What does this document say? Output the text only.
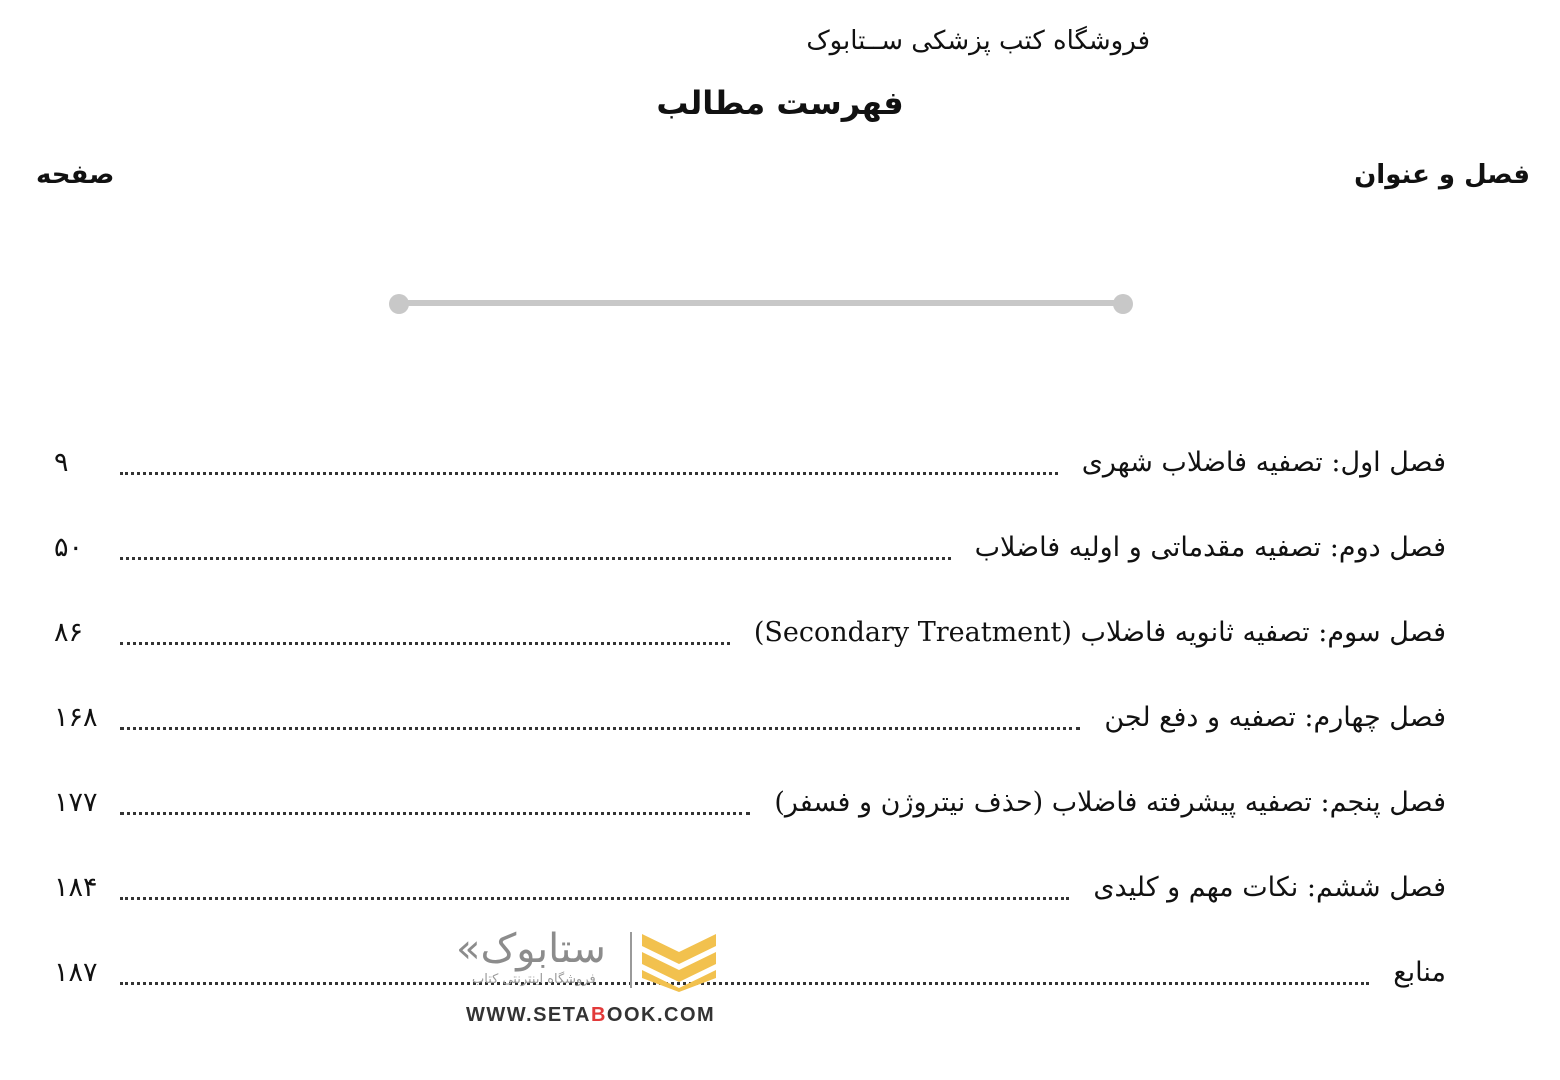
فروشگاه کتب پزشکی ســتابوک
فهرست مطالب
فصل و عنوان
صفحه
فصل اول: تصفیه فاضلاب شهری
۹
فصل دوم: تصفیه مقدماتی و اولیه فاضلاب
۵۰
فصل سوم: تصفیه ثانویه فاضلاب (Secondary Treatment)
۸۶
فصل چهارم: تصفیه و دفع لجن
۱۶۸
فصل پنجم: تصفیه پیشرفته فاضلاب (حذف نیتروژن و فسفر)
۱۷۷
فصل ششم: نکات مهم و کلیدی
۱۸۴
منابع
۱۸۷
«ستابوک
فروشگاه اینترنتی کتاب
WWW.SETABOOK.COM
